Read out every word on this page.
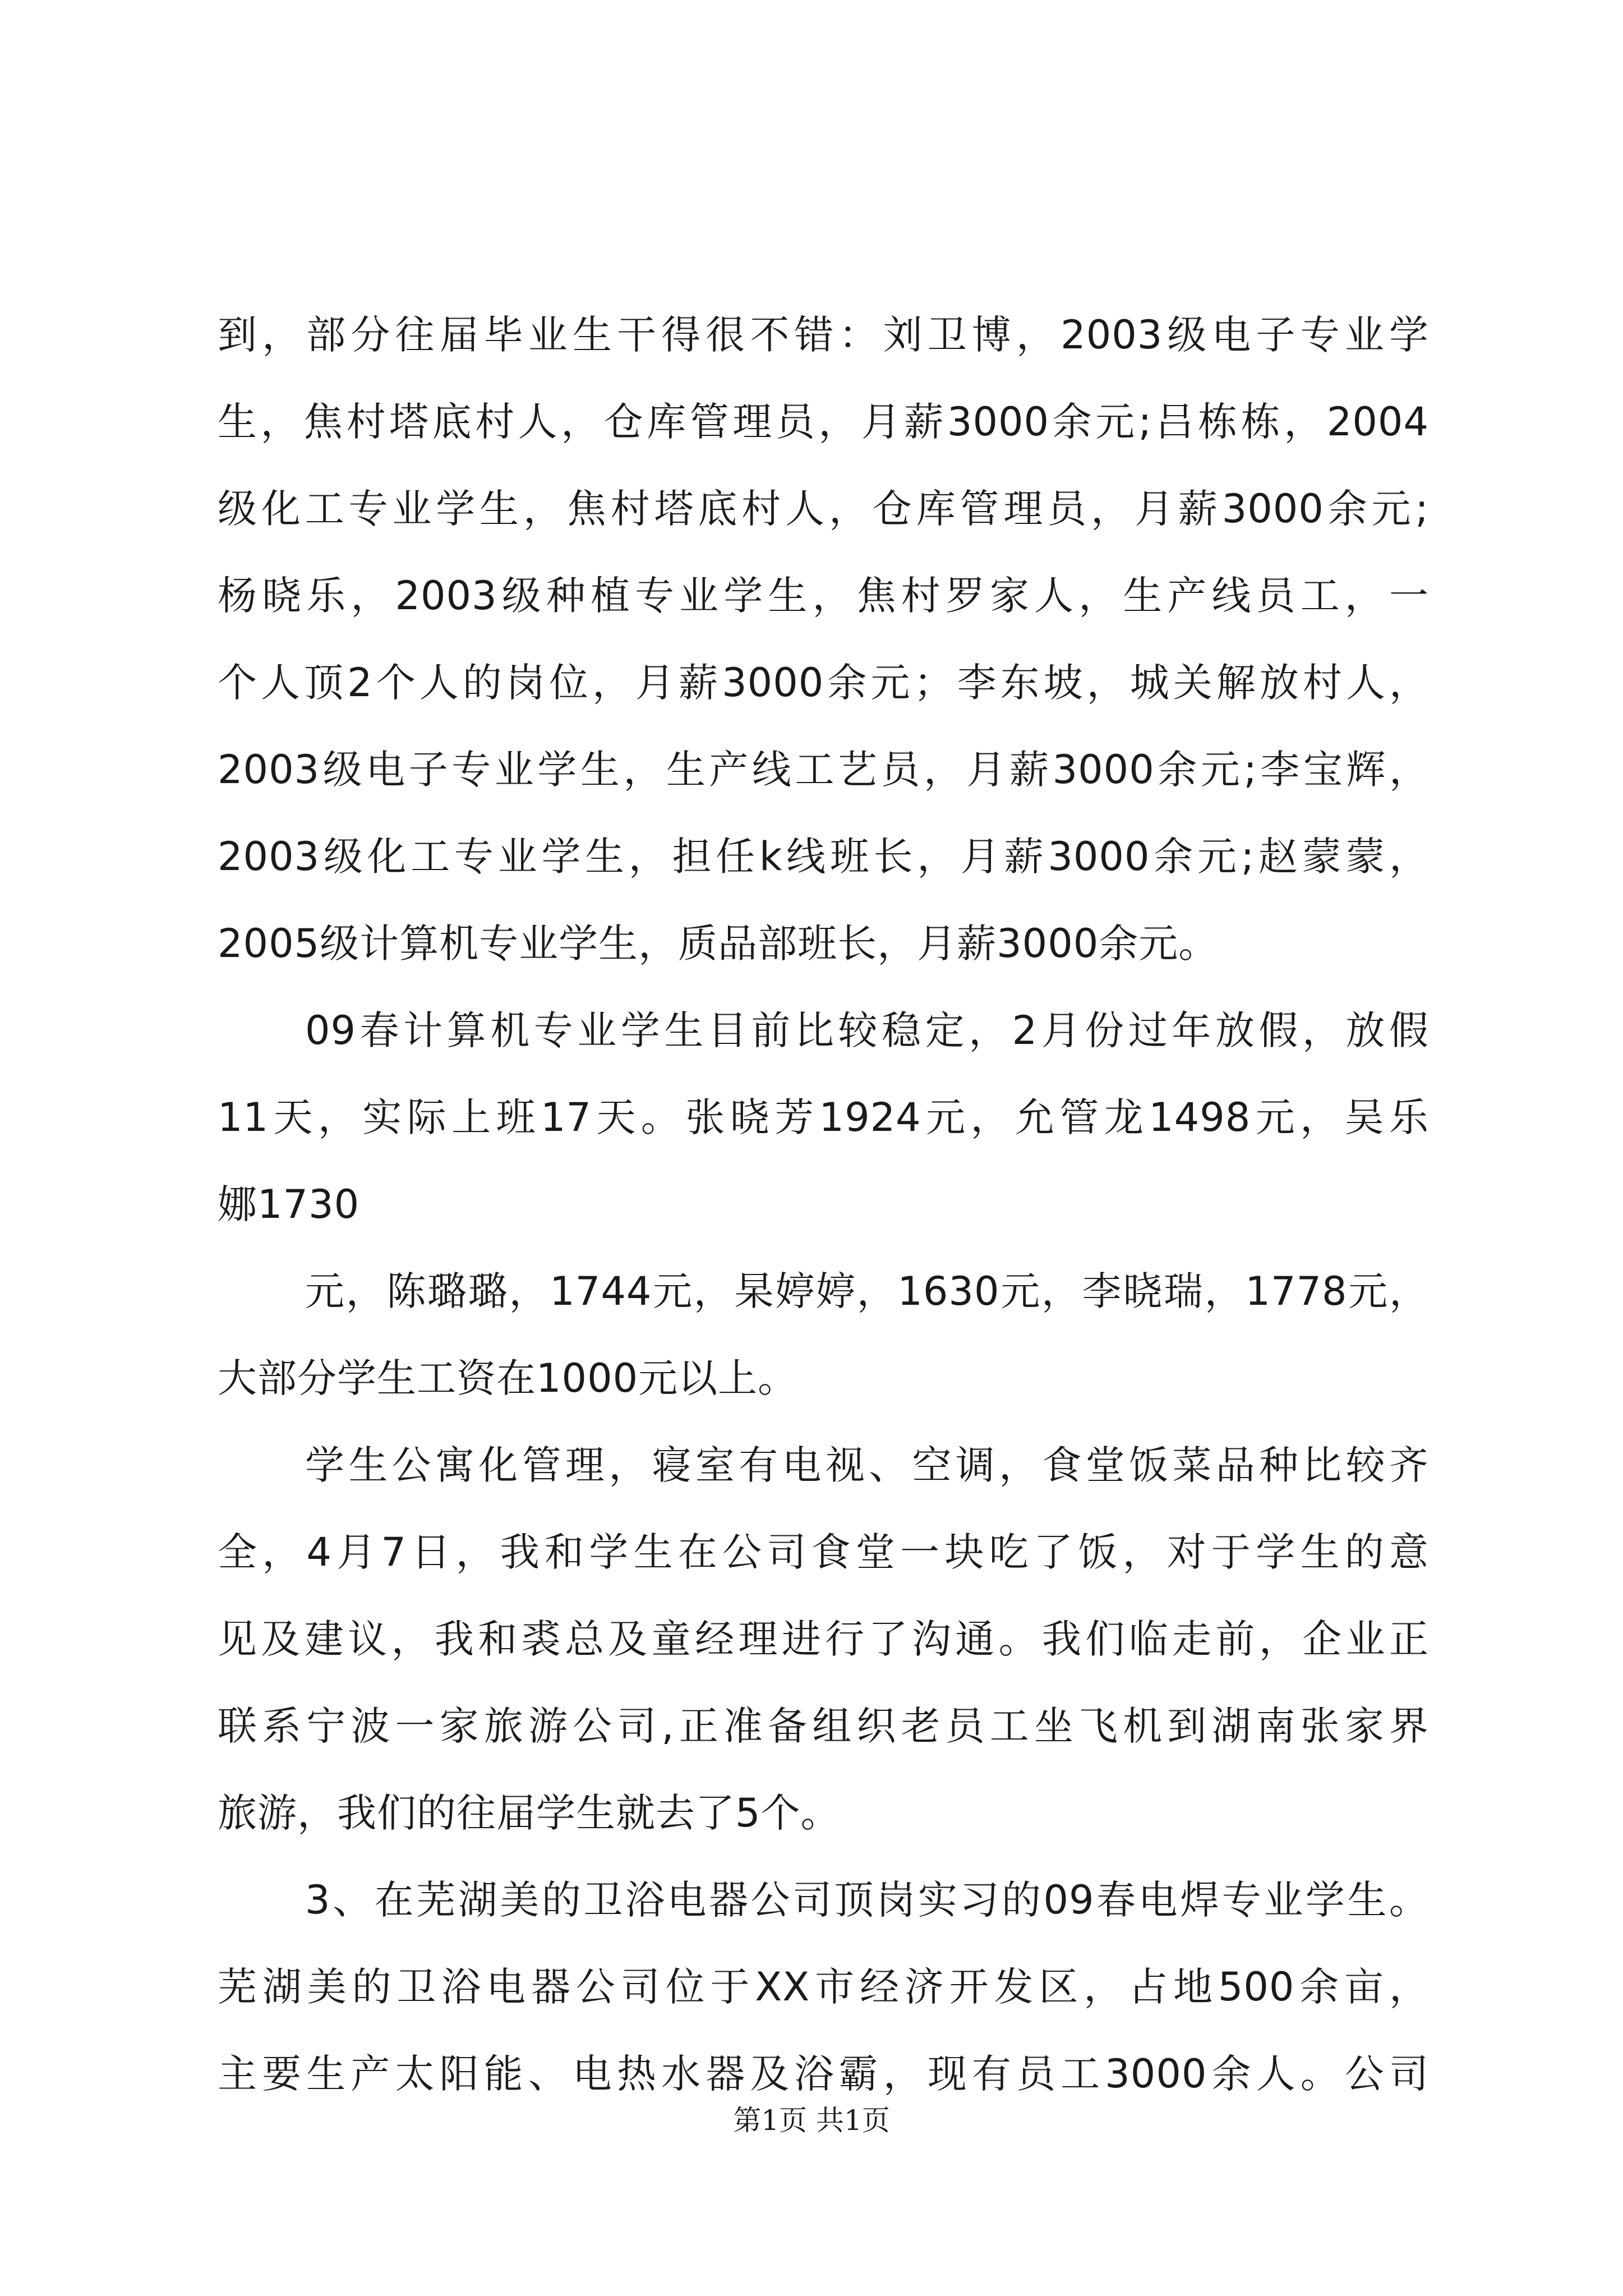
到，部分往届毕业生干得很不错：刘卫博，2003级电子专业学
生，焦村塔底村人，仓库管理员，月薪3000余元;吕栋栋，2004
级化工专业学生，焦村塔底村人，仓库管理员，月薪3000余元;
杨晓乐，2003级种植专业学生，焦村罗家人，生产线员工，一
个人顶2个人的岗位，月薪3000余元；李东坡，城关解放村人，
2003级电子专业学生，生产线工艺员，月薪3000余元;李宝辉，
2003级化工专业学生，担任k线班长，月薪3000余元;赵蒙蒙，
2005级计算机专业学生，质品部班长，月薪3000余元。
09春计算机专业学生目前比较稳定，2月份过年放假，放假
11天，实际上班17天。张晓芳1924元，允管龙1498元，吴乐
娜1730
元，陈璐璐，1744元，杲婷婷，1630元，李晓瑞，1778元，
大部分学生工资在1000元以上。
学生公寓化管理，寝室有电视、空调，食堂饭菜品种比较齐
全，4月7日，我和学生在公司食堂一块吃了饭，对于学生的意
见及建议，我和裘总及童经理进行了沟通。我们临走前，企业正
联系宁波一家旅游公司,正准备组织老员工坐飞机到湖南张家界
旅游，我们的往届学生就去了5个。
3、在芜湖美的卫浴电器公司顶岗实习的09春电焊专业学生。
芜湖美的卫浴电器公司位于XX市经济开发区，占地500余亩，
主要生产太阳能、电热水器及浴霸，现有员工3000余人。公司
第1页 共1页
